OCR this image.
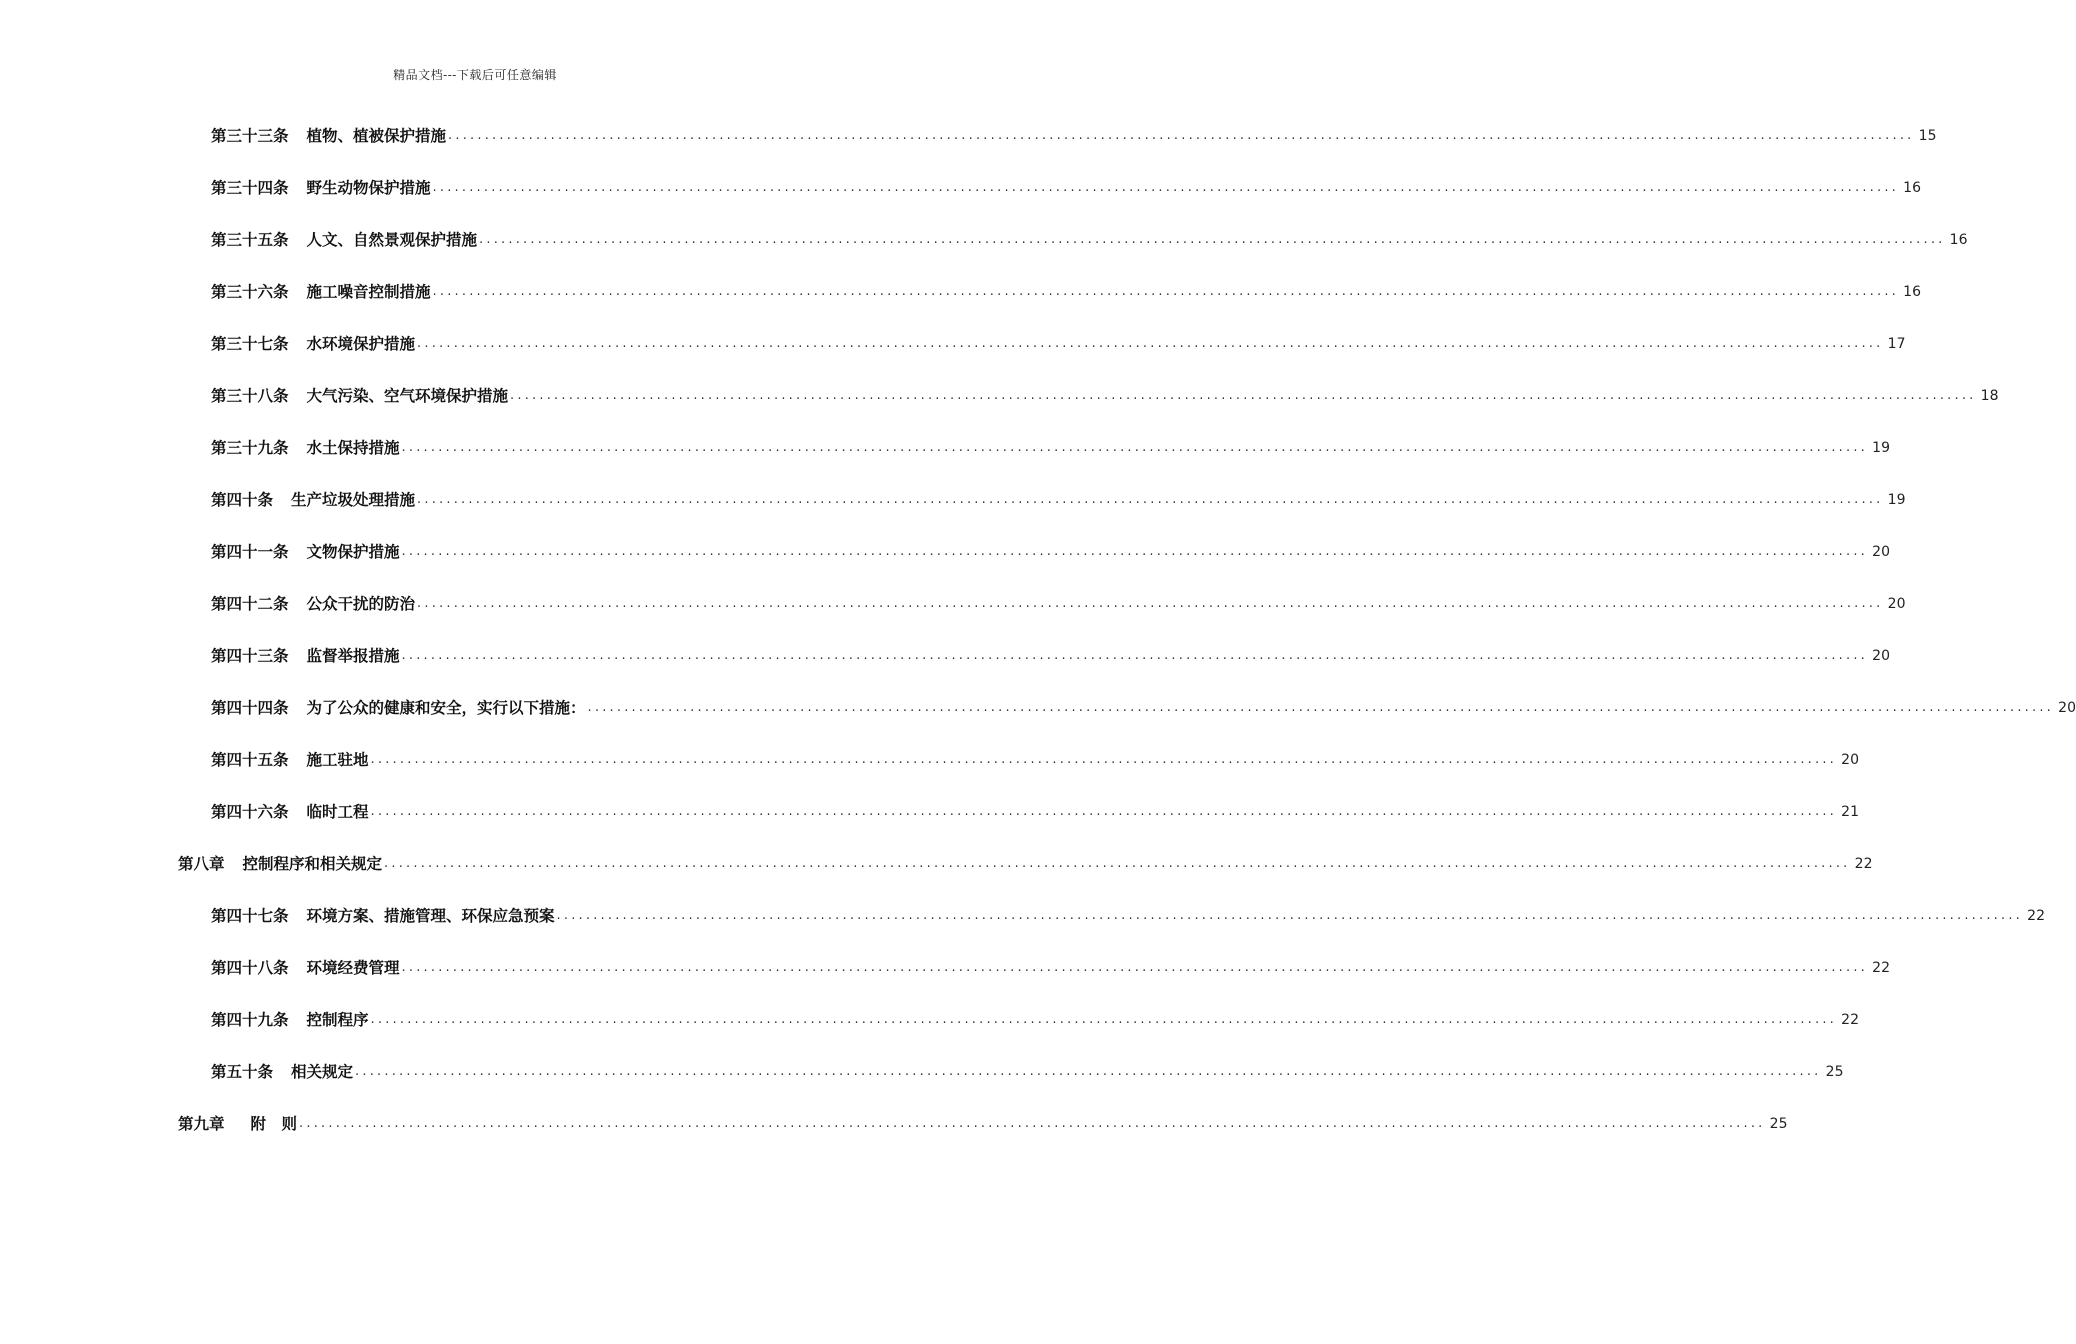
精品文档---下载后可任意编辑
第三十三条 植物、植被保护措施 ........................................................................................................................................................................................................ 15
第三十四条 野生动物保护措施 ........................................................................................................................................................................................................ 16
第三十五条 人文、自然景观保护措施 ........................................................................................................................................................................................................ 16
第三十六条 施工噪音控制措施 ........................................................................................................................................................................................................ 16
第三十七条 水环境保护措施 ........................................................................................................................................................................................................ 17
第三十八条 大气污染、空气环境保护措施 ........................................................................................................................................................................................................ 18
第三十九条 水土保持措施 ........................................................................................................................................................................................................ 19
第四十条 生产垃圾处理措施 ........................................................................................................................................................................................................ 19
第四十一条 文物保护措施 ........................................................................................................................................................................................................ 20
第四十二条 公众干扰的防治 ........................................................................................................................................................................................................ 20
第四十三条 监督举报措施 ........................................................................................................................................................................................................ 20
第四十四条 为了公众的健康和安全，实行以下措施： ........................................................................................................................................................................................................ 20
第四十五条 施工驻地 ........................................................................................................................................................................................................ 20
第四十六条 临时工程 ........................................................................................................................................................................................................ 21
第八章 控制程序和相关规定 ........................................................................................................................................................................................................ 22
第四十七条 环境方案、措施管理、环保应急预案 ........................................................................................................................................................................................................ 22
第四十八条 环境经费管理 ........................................................................................................................................................................................................ 22
第四十九条 控制程序 ........................................................................................................................................................................................................ 22
第五十条 相关规定 ........................................................................................................................................................................................................ 25
第九章 附　则 ........................................................................................................................................................................................................ 25
